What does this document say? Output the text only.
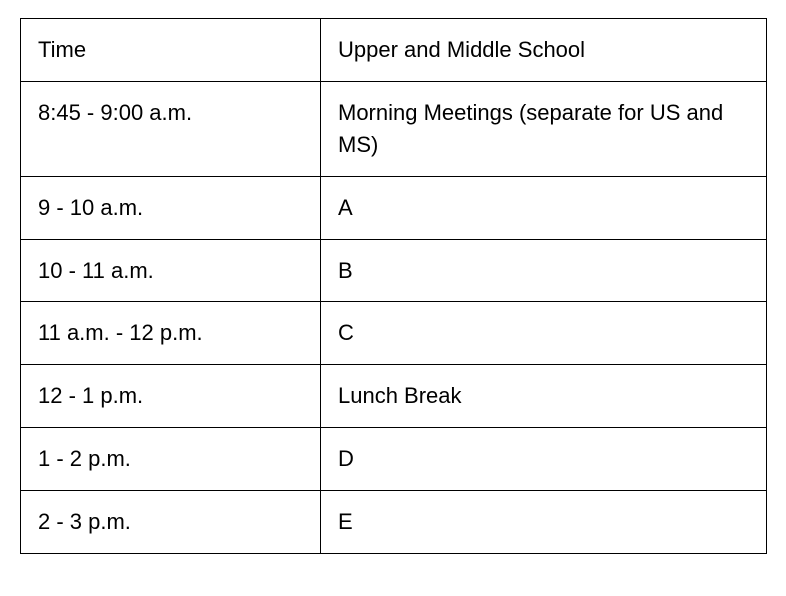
Time	Upper and Middle School
8:45 - 9:00 a.m.	Morning Meetings (separate for US and MS)
9 - 10 a.m.	A
10 - 11 a.m.	B
11 a.m. - 12 p.m.	C
12 - 1 p.m.	Lunch Break
1 - 2 p.m.	D
2 - 3 p.m.	E
